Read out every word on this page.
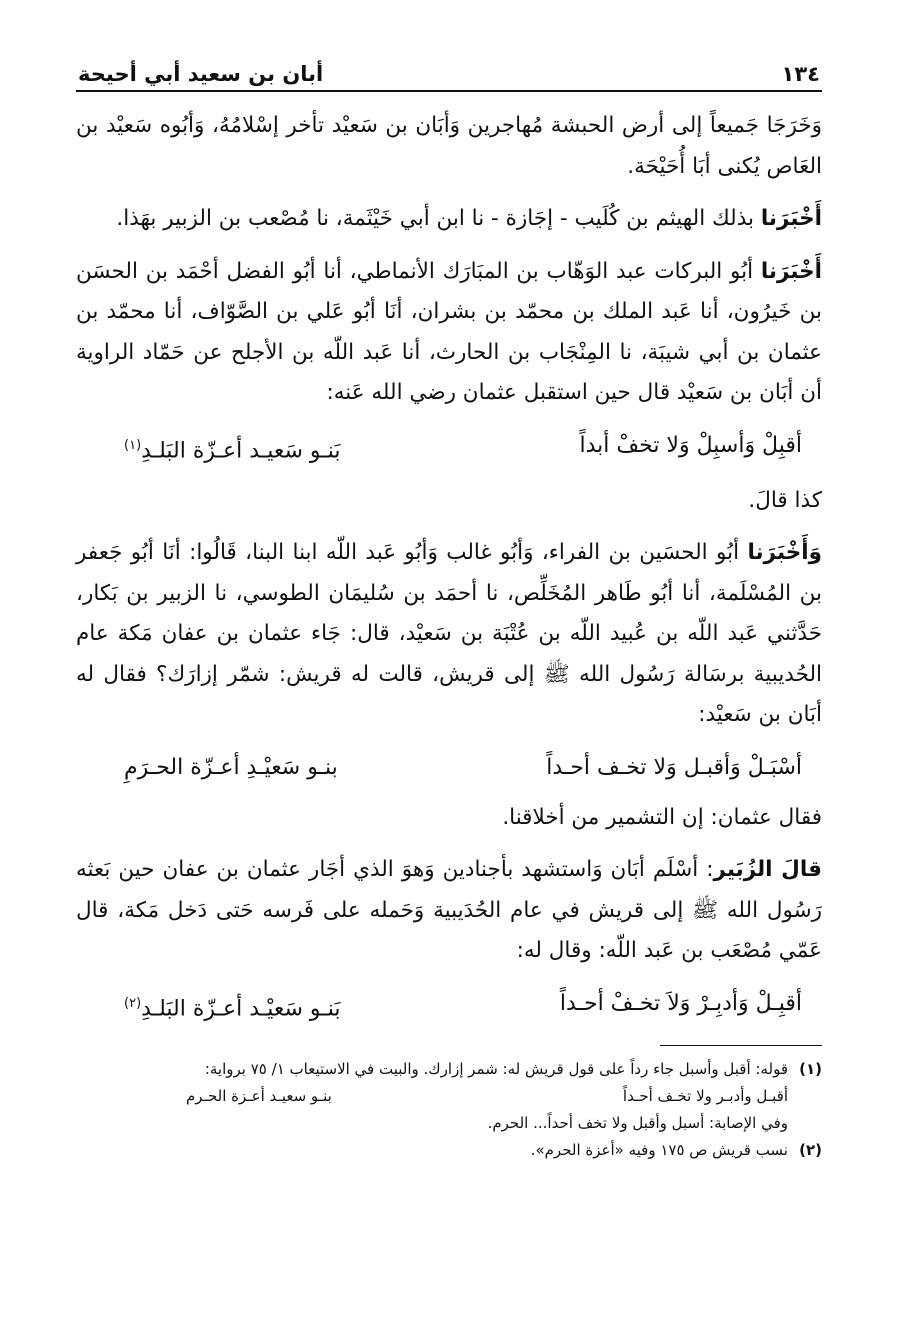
١٣٤
أبان بن سعيد أبي أحيحة

وَخَرَجَا جَميعاً إلى أرض الحبشة مُهاجرين وَأبَان بن سَعيْد تأخر إسْلامُهُ، وَأبُوه سَعيْد بن العَاص يُكنى أبَا أُحَيْحَة.

أَخْبَرَنا بذلك الهيثم بن كُلَيب - إجَازة - نا ابن أبي خَيْثَمة، نا مُصْعب بن الزبير بهَذا.

أَخْبَرَنا أبُو البركات عبد الوَهّاب بن المبَارَك الأنماطي، أنا أبُو الفضل أحْمَد بن الحسَن بن خَيرُون، أنا عَبد الملك بن محمّد بن بشران، أنَا أبُو عَلي بن الصَّوّاف، أنا محمّد بن عثمان بن أبي شيبَة، نا المِنْجَاب بن الحارث، أنا عَبد اللّه بن الأجلح عن حَمّاد الراوية أن أبَان بن سَعيْد قال حين استقبل عثمان رضي الله عَنه:

أقبِلْ وَأسبِلْ وَلا تخفْ أبداً
بَنـو سَعيـد أعـزّة البَلـدِ$^{(١)}$

كذا قالَ.

وَأَخْبَرَنا أبُو الحسَين بن الفراء، وَأبُو غالب وَأبُو عَبد اللّه ابنا البنا، قَالُوا: أنَا أبُو جَعفر بن المُسْلَمة، أنا أبُو طَاهر المُخَلِّص، نا أحمَد بن سُليمَان الطوسي، نا الزبير بن بَكار، حَدَّثني عَبد اللّه بن عُبيد اللّه بن عُتْبَة بن سَعيْد، قال: جَاء عثمان بن عفان مَكة عام الحُديبية برسَالة رَسُول الله ﷺ إلى قريش، قالت له قريش: شمّر إزارَك؟ فقال له أبَان بن سَعيْد:

أسْبَـلْ وَأقبـل وَلا تخـف أحـداً
بنـو سَعيْـدِ أعـزّة الحـرَمِ

فقال عثمان: إن التشمير من أخلاقنا.

قالَ الزُبَير: أسْلَم أبَان وَاستشهد بأجنادين وَهوَ الذي أجَار عثمان بن عفان حين بَعثه رَسُول الله ﷺ إلى قريش في عام الحُدَيبية وَحَمله على فَرسه حَتى دَخل مَكة، قال عَمّي مُصْعَب بن عَبد اللّه: وقال له:

أقبِـلْ وَأدبِـرْ وَلاَ تخـفْ أحـداً
بَنـو سَعيْـد أعـزّة البَلـدِ$^{(٢)}$
(١)
قوله: أقبل وأسبل جاء رداً على قول قريش له: شمر إزارك. والبيت في الاستيعاب ١/ ٧٥ برواية:
أقبـل وأدبـر ولا تخـف أحـداً
بنـو سعيـد أعـزة الحـرم
وفي الإصابة: أسبل وأقبل ولا تخف أحداً... الحرم.
(٢)
نسب قريش ص ١٧٥ وفيه «أعزة الحرم».
